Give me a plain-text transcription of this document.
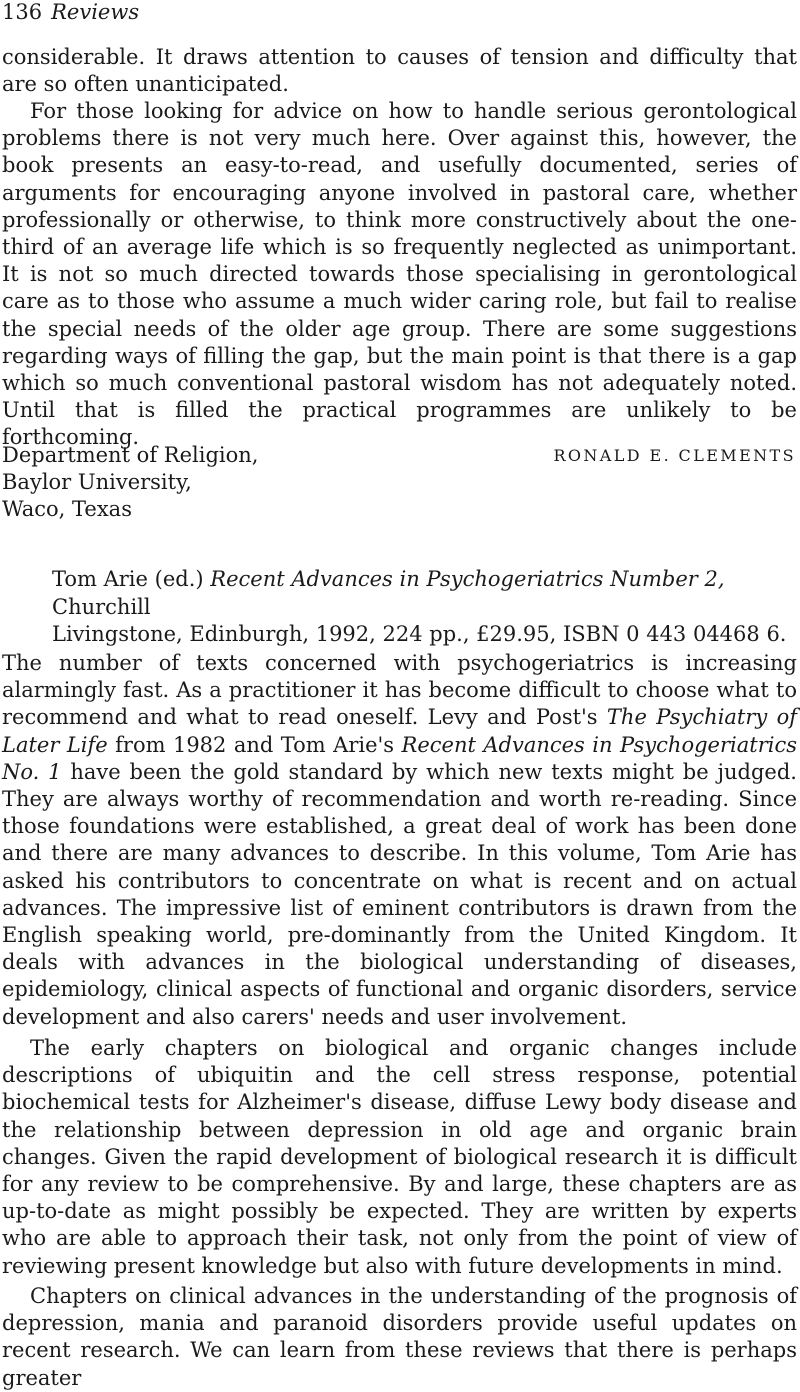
136 Reviews

considerable. It draws attention to causes of tension and difficulty that are so often unanticipated.

For those looking for advice on how to handle serious gerontological problems there is not very much here. Over against this, however, the book presents an easy-to-read, and usefully documented, series of arguments for encouraging anyone involved in pastoral care, whether professionally or otherwise, to think more constructively about the one-third of an average life which is so frequently neglected as unimportant. It is not so much directed towards those specialising in gerontological care as to those who assume a much wider caring role, but fail to realise the special needs of the older age group. There are some suggestions regarding ways of filling the gap, but the main point is that there is a gap which so much conventional pastoral wisdom has not adequately noted. Until that is filled the practical programmes are unlikely to be forthcoming.

Department of Religion,
Baylor University,
Waco, Texas
RONALD E. CLEMENTS

Tom Arie (ed.) Recent Advances in Psychogeriatrics Number 2, Churchill
Livingstone, Edinburgh, 1992, 224 pp., £29.95, ISBN 0 443 04468 6.

The number of texts concerned with psychogeriatrics is increasing alarmingly fast. As a practitioner it has become difficult to choose what to recommend and what to read oneself. Levy and Post's The Psychiatry of Later Life from 1982 and Tom Arie's Recent Advances in Psychogeriatrics No. 1 have been the gold standard by which new texts might be judged. They are always worthy of recommendation and worth re-reading. Since those foundations were established, a great deal of work has been done and there are many advances to describe. In this volume, Tom Arie has asked his contributors to concentrate on what is recent and on actual advances. The impressive list of eminent contributors is drawn from the English speaking world, pre-dominantly from the United Kingdom. It deals with advances in the biological understanding of diseases, epidemiology, clinical aspects of functional and organic disorders, service development and also carers' needs and user involvement.

The early chapters on biological and organic changes include descriptions of ubiquitin and the cell stress response, potential biochemical tests for Alzheimer's disease, diffuse Lewy body disease and the relationship between depression in old age and organic brain changes. Given the rapid development of biological research it is difficult for any review to be comprehensive. By and large, these chapters are as up-to-date as might possibly be expected. They are written by experts who are able to approach their task, not only from the point of view of reviewing present knowledge but also with future developments in mind.

Chapters on clinical advances in the understanding of the prognosis of depression, mania and paranoid disorders provide useful updates on recent research. We can learn from these reviews that there is perhaps greater
